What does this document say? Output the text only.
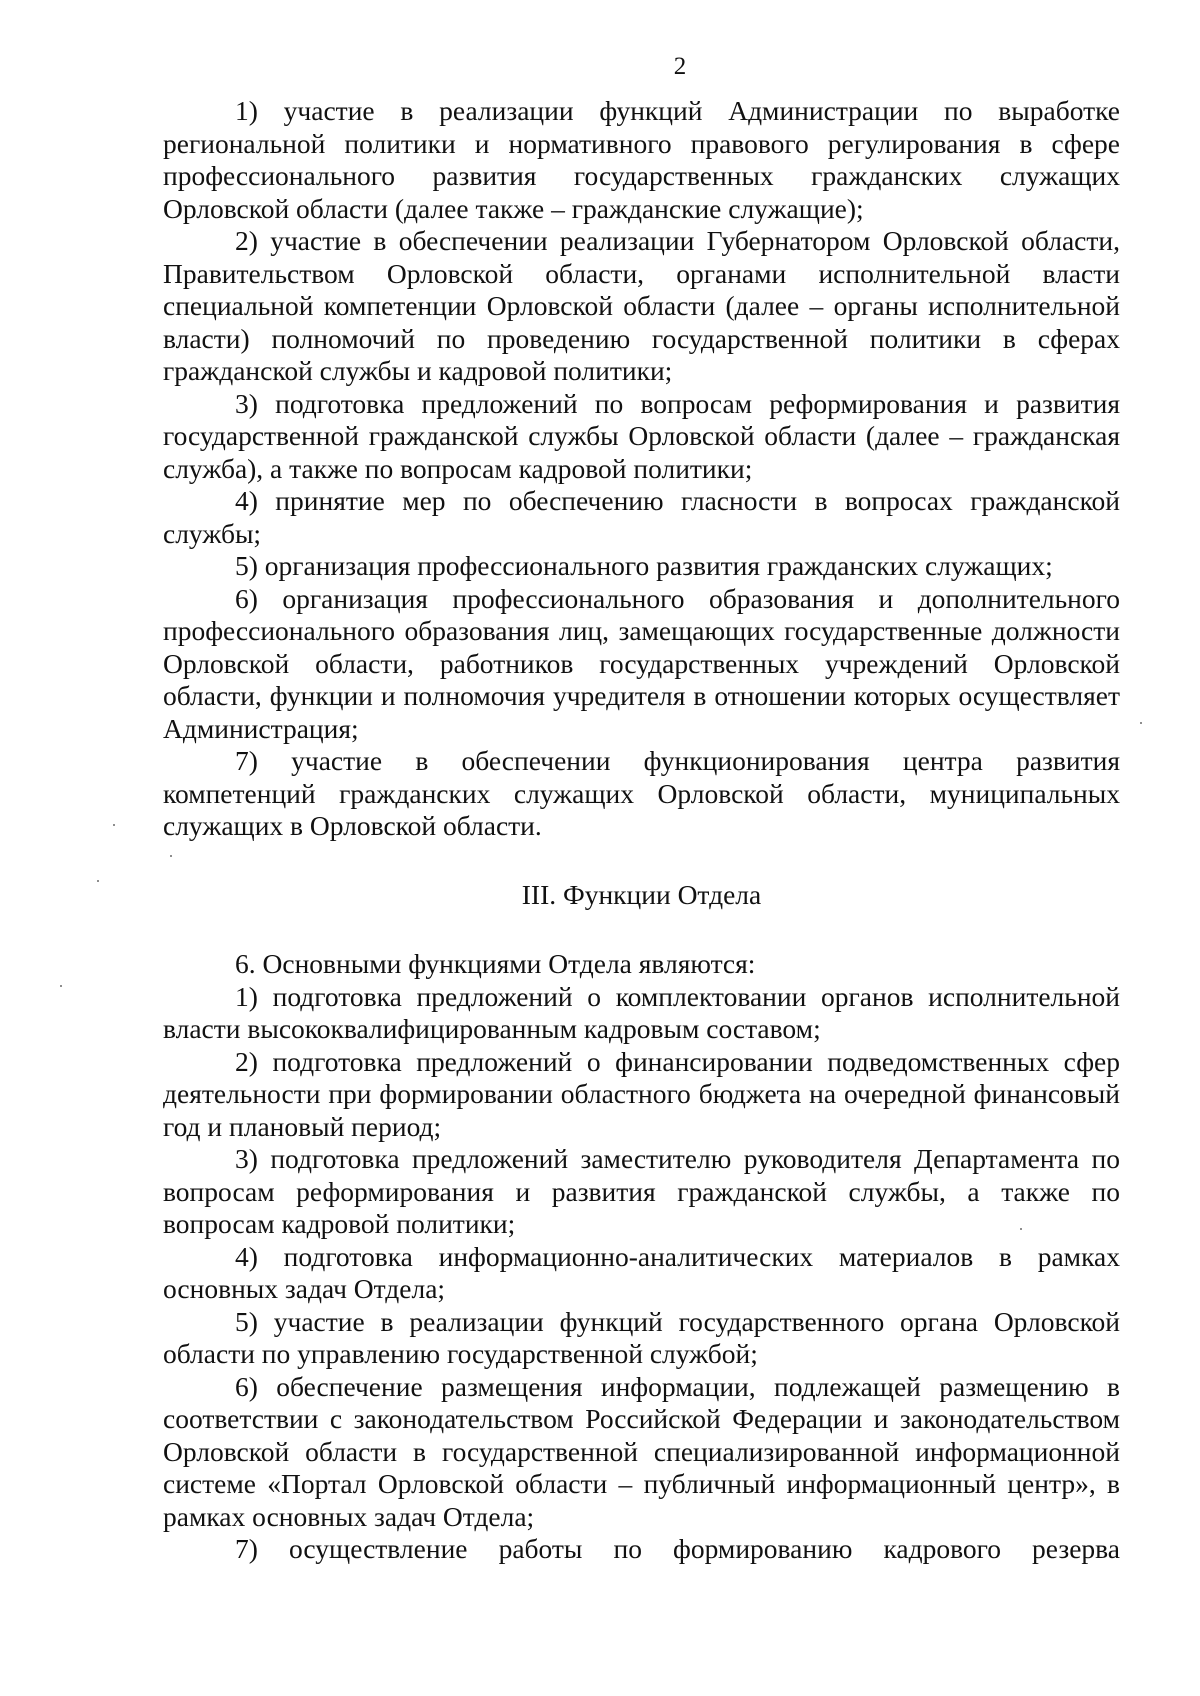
2

1) участие в реализации функций Администрации по выработке региональной политики и нормативного правового регулирования в сфере профессионального развития государственных гражданских служащих Орловской области (далее также – гражданские служащие);

2) участие в обеспечении реализации Губернатором Орловской области, Правительством Орловской области, органами исполнительной власти специальной компетенции Орловской области (далее – органы исполнительной власти) полномочий по проведению государственной политики в сферах гражданской службы и кадровой политики;

3) подготовка предложений по вопросам реформирования и развития государственной гражданской службы Орловской области (далее – гражданская служба), а также по вопросам кадровой политики;

4) принятие мер по обеспечению гласности в вопросах гражданской службы;

5) организация профессионального развития гражданских служащих;

6) организация профессионального образования и дополнительного профессионального образования лиц, замещающих государственные должности Орловской области, работников государственных учреждений Орловской области, функции и полномочия учредителя в отношении которых осуществляет Администрация;

7) участие в обеспечении функционирования центра развития компетенций гражданских служащих Орловской области, муниципальных служащих в Орловской области.

III. Функции Отдела

6. Основными функциями Отдела являются:

1) подготовка предложений о комплектовании органов исполнительной власти высококвалифицированным кадровым составом;

2) подготовка предложений о финансировании подведомственных сфер деятельности при формировании областного бюджета на очередной финансовый год и плановый период;

3) подготовка предложений заместителю руководителя Департамента по вопросам реформирования и развития гражданской службы, а также по вопросам кадровой политики;

4) подготовка информационно-аналитических материалов в рамках основных задач Отдела;

5) участие в реализации функций государственного органа Орловской области по управлению государственной службой;

6) обеспечение размещения информации, подлежащей размещению в соответствии с законодательством Российской Федерации и законодательством Орловской области в государственной специализированной информационной системе «Портал Орловской области – публичный информационный центр», в рамках основных задач Отдела;

7) осуществление работы по формированию кадрового резерва
